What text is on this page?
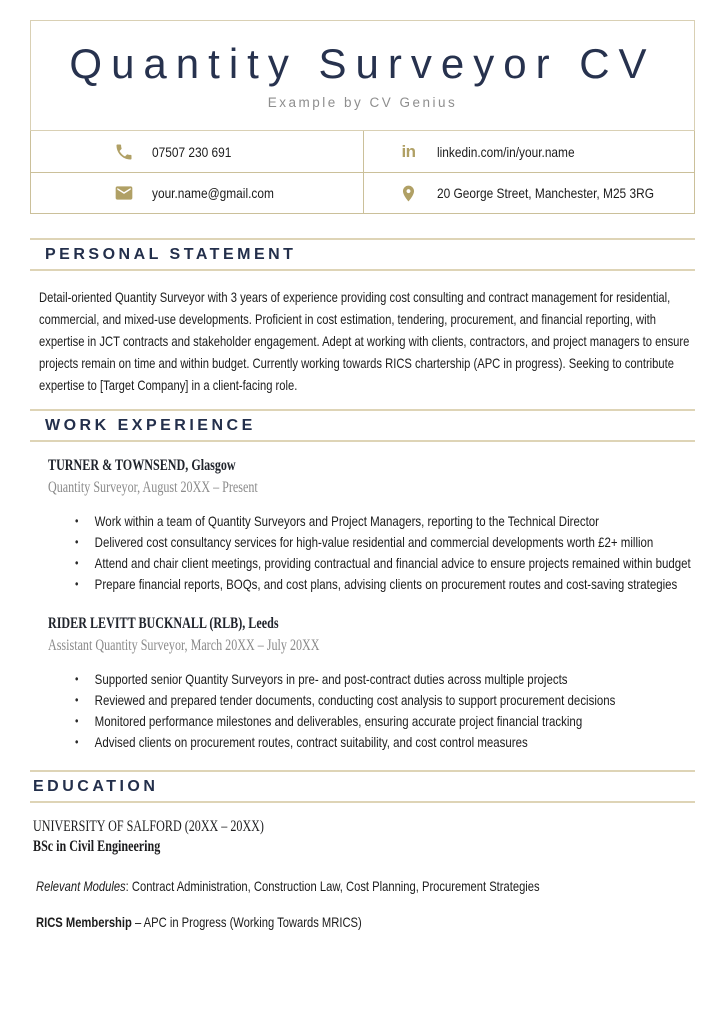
Quantity Surveyor CV
Example by CV Genius
07507 230 691	in linkedin.com/in/your.name
your.name@gmail.com	20 George Street, Manchester, M25 3RG
PERSONAL STATEMENT

Detail-oriented Quantity Surveyor with 3 years of experience providing cost consulting and contract management for residential, commercial, and mixed-use developments. Proficient in cost estimation, tendering, procurement, and financial reporting, with expertise in JCT contracts and stakeholder engagement. Adept at working with clients, contractors, and project managers to ensure projects remain on time and within budget. Currently working towards RICS chartership (APC in progress). Seeking to contribute expertise to [Target Company] in a client-facing role.

WORK EXPERIENCE
TURNER & TOWNSEND, Glasgow
Quantity Surveyor, August 20XX – Present
•	Work within a team of Quantity Surveyors and Project Managers, reporting to the Technical Director
•	Delivered cost consultancy services for high-value residential and commercial developments worth £2+ million
•	Attend and chair client meetings, providing contractual and financial advice to ensure projects remained within budget
•	Prepare financial reports, BOQs, and cost plans, advising clients on procurement routes and cost-saving strategies
RIDER LEVITT BUCKNALL (RLB), Leeds
Assistant Quantity Surveyor, March 20XX – July 20XX
•	Supported senior Quantity Surveyors in pre- and post-contract duties across multiple projects
•	Reviewed and prepared tender documents, conducting cost analysis to support procurement decisions
•	Monitored performance milestones and deliverables, ensuring accurate project financial tracking
•	Advised clients on procurement routes, contract suitability, and cost control measures
EDUCATION
UNIVERSITY OF SALFORD (20XX – 20XX)
BSc in Civil Engineering

Relevant Modules: Contract Administration, Construction Law, Cost Planning, Procurement Strategies

RICS Membership – APC in Progress (Working Towards MRICS)
